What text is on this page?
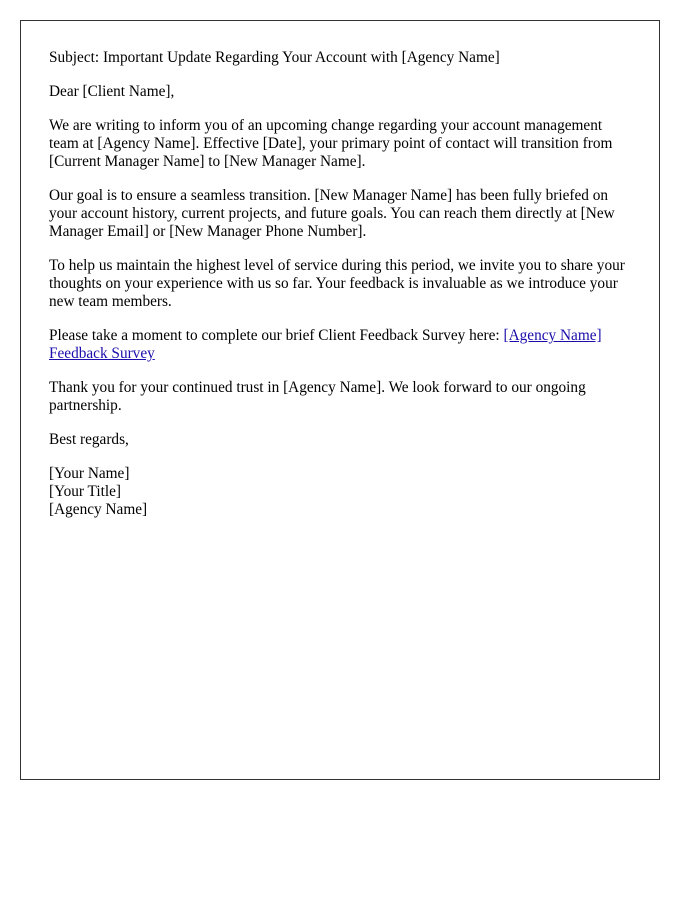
Subject: Important Update Regarding Your Account with [Agency Name]

Dear [Client Name],

We are writing to inform you of an upcoming change regarding your account management team at [Agency Name]. Effective [Date], your primary point of contact will transition from [Current Manager Name] to [New Manager Name].

Our goal is to ensure a seamless transition. [New Manager Name] has been fully briefed on your account history, current projects, and future goals. You can reach them directly at [New Manager Email] or [New Manager Phone Number].

To help us maintain the highest level of service during this period, we invite you to share your thoughts on your experience with us so far. Your feedback is invaluable as we introduce your new team members.

Please take a moment to complete our brief Client Feedback Survey here: [Agency Name] Feedback Survey

Thank you for your continued trust in [Agency Name]. We look forward to our ongoing partnership.

Best regards,

[Your Name]
[Your Title]
[Agency Name]
